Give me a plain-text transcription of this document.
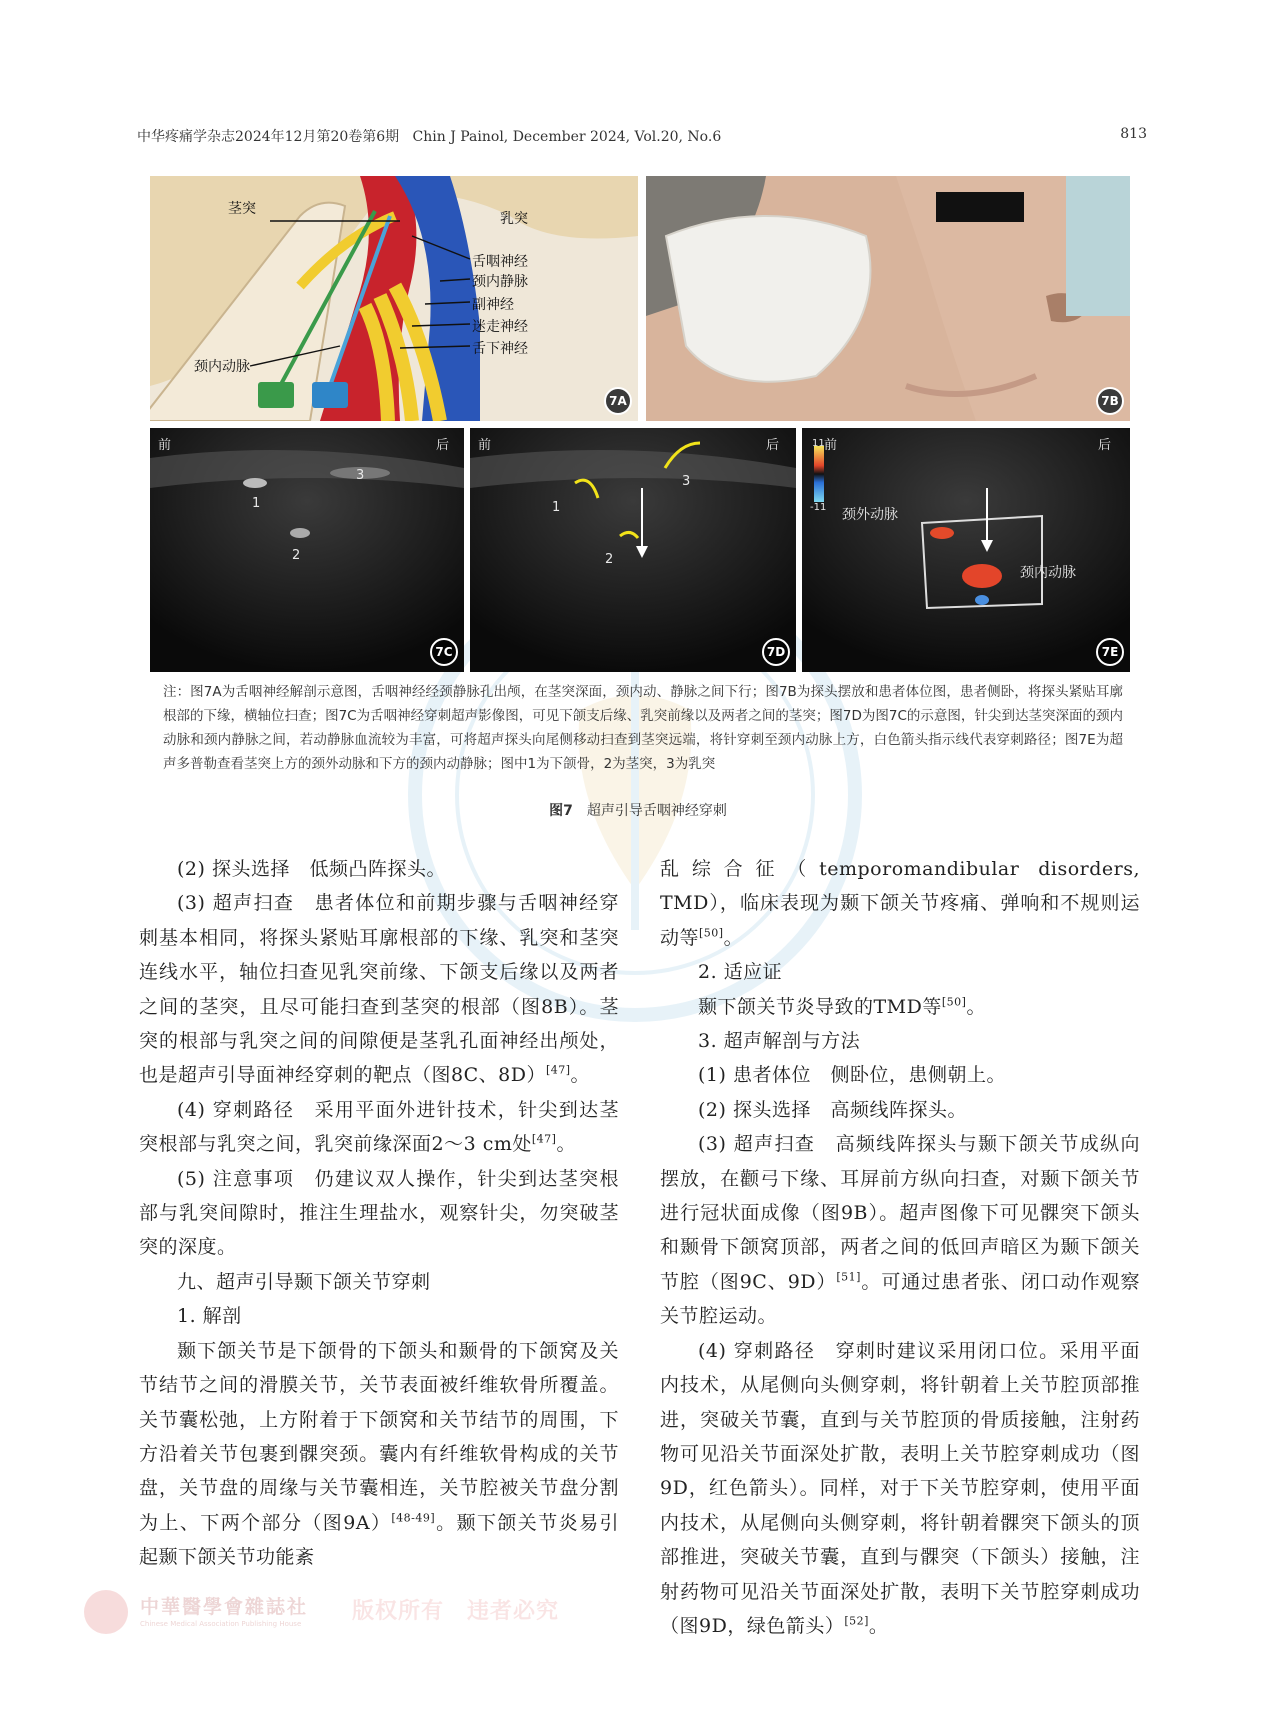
中华疼痛学杂志2024年12月第20卷第6期 Chin J Painol, December 2024, Vol.20, No.6	813
茎突
乳突
舌咽神经
颈内静脉
副神经
迷走神经
舌下神经
颈内动脉
7A	7B
前	后
1
2
3
7C
前	后
1
2
3
7D
前	后
11
-11 颈外动脉
颈内动脉
7E
注：图7A为舌咽神经解剖示意图，舌咽神经经颈静脉孔出颅，在茎突深面，颈内动、静脉之间下行；图7B为探头摆放和患者体位图，患者侧卧，将探头紧贴耳廓根部的下缘，横轴位扫查；图7C为舌咽神经穿刺超声影像图，可见下颌支后缘、乳突前缘以及两者之间的茎突；图7D为图7C的示意图，针尖到达茎突深面的颈内动脉和颈内静脉之间，若动静脉血流较为丰富，可将超声探头向尾侧移动扫查到茎突远端，将针穿刺至颈内动脉上方，白色箭头指示线代表穿刺路径；图7E为超声多普勒查看茎突上方的颈外动脉和下方的颈内动静脉；图中1为下颌骨，2为茎突，3为乳突
图7 超声引导舌咽神经穿刺

(2) 探头选择　低频凸阵探头。

(3) 超声扫查　患者体位和前期步骤与舌咽神经穿刺基本相同，将探头紧贴耳廓根部的下缘、乳突和茎突连线水平，轴位扫查见乳突前缘、下颌支后缘以及两者之间的茎突，且尽可能扫查到茎突的根部（图8B）。茎突的根部与乳突之间的间隙便是茎乳孔面神经出颅处，也是超声引导面神经穿刺的靶点（图8C、8D）[47]。

(4) 穿刺路径　采用平面外进针技术，针尖到达茎突根部与乳突之间，乳突前缘深面2～3 cm处[47]。

(5) 注意事项　仍建议双人操作，针尖到达茎突根部与乳突间隙时，推注生理盐水，观察针尖，勿突破茎突的深度。

九、超声引导颞下颌关节穿刺

1. 解剖

颞下颌关节是下颌骨的下颌头和颞骨的下颌窝及关节结节之间的滑膜关节，关节表面被纤维软骨所覆盖。关节囊松弛，上方附着于下颌窝和关节结节的周围，下方沿着关节包裹到髁突颈。囊内有纤维软骨构成的关节盘，关节盘的周缘与关节囊相连，关节腔被关节盘分割为上、下两个部分（图9A）[48-49]。颞下颌关节炎易引起颞下颌关节功能紊

乱综合征（temporomandibular disorders, TMD），临床表现为颞下颌关节疼痛、弹响和不规则运动等[50]。

2. 适应证

颞下颌关节炎导致的TMD等[50]。

3. 超声解剖与方法

(1) 患者体位　侧卧位，患侧朝上。

(2) 探头选择　高频线阵探头。

(3) 超声扫查　高频线阵探头与颞下颌关节成纵向摆放，在颧弓下缘、耳屏前方纵向扫查，对颞下颌关节进行冠状面成像（图9B）。超声图像下可见髁突下颌头和颞骨下颌窝顶部，两者之间的低回声暗区为颞下颌关节腔（图9C、9D）[51]。可通过患者张、闭口动作观察关节腔运动。

(4) 穿刺路径　穿刺时建议采用闭口位。采用平面内技术，从尾侧向头侧穿刺，将针朝着上关节腔顶部推进，突破关节囊，直到与关节腔顶的骨质接触，注射药物可见沿关节面深处扩散，表明上关节腔穿刺成功（图9D，红色箭头）。同样，对于下关节腔穿刺，使用平面内技术，从尾侧向头侧穿刺，将针朝着髁突下颌头的顶部推进，突破关节囊，直到与髁突（下颌头）接触，注射药物可见沿关节面深处扩散，表明下关节腔穿刺成功（图9D，绿色箭头）[52]。

中華醫學會雜誌社
Chinese Medical Association Publishing House 版权所有　违者必究
